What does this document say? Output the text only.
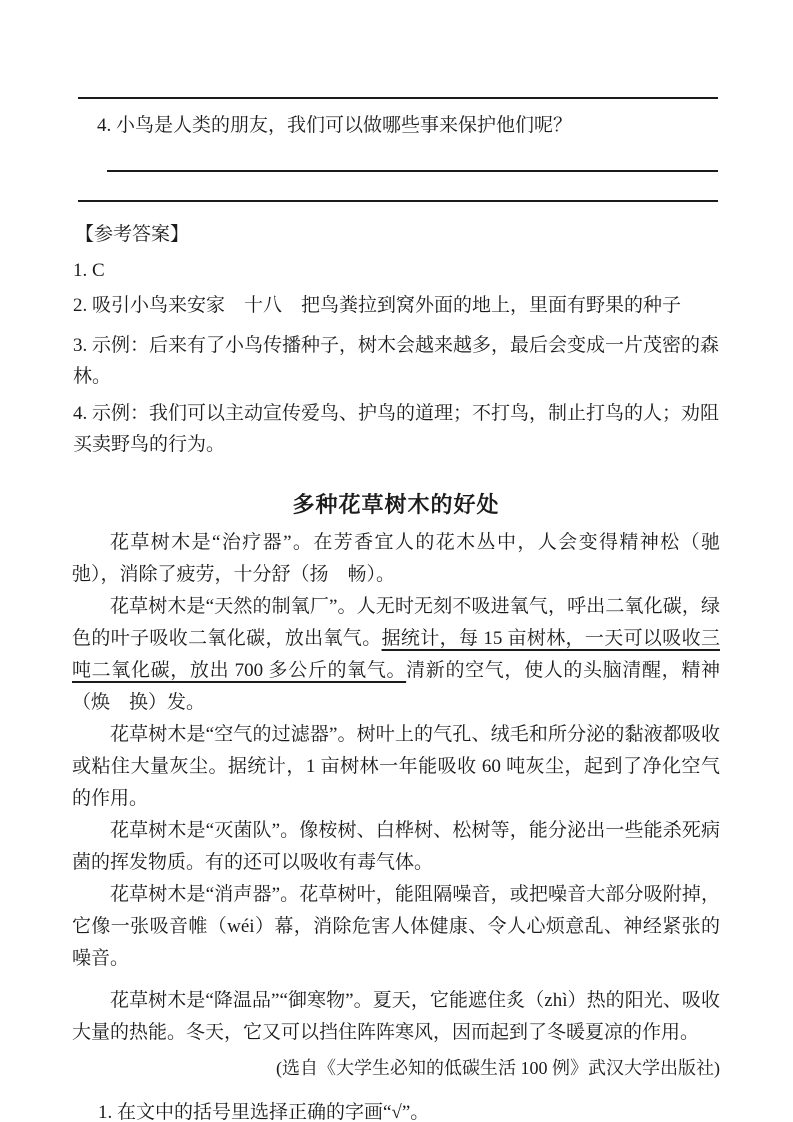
4. 小鸟是人类的朋友，我们可以做哪些事来保护他们呢？
【参考答案】

1. C

2. 吸引小鸟来安家　十八　把鸟粪拉到窝外面的地上，里面有野果的种子

3. 示例：后来有了小鸟传播种子，树木会越来越多，最后会变成一片茂密的森林。

4. 示例：我们可以主动宣传爱鸟、护鸟的道理；不打鸟，制止打鸟的人；劝阻买卖野鸟的行为。

多种花草树木的好处

花草树木是“治疗器”。在芳香宜人的花木丛中，人会变得精神松（驰　弛），消除了疲劳，十分舒（扬　畅）。

花草树木是“天然的制氧厂”。人无时无刻不吸进氧气，呼出二氧化碳，绿色的叶子吸收二氧化碳，放出氧气。据统计，每 15 亩树林，一天可以吸收三吨二氧化碳，放出 700 多公斤的氧气。清新的空气，使人的头脑清醒，精神（焕　换）发。

花草树木是“空气的过滤器”。树叶上的气孔、绒毛和所分泌的黏液都吸收或粘住大量灰尘。据统计，1 亩树林一年能吸收 60 吨灰尘，起到了净化空气的作用。

花草树木是“灭菌队”。像桉树、白桦树、松树等，能分泌出一些能杀死病菌的挥发物质。有的还可以吸收有毒气体。

花草树木是“消声器”。花草树叶，能阻隔噪音，或把噪音大部分吸附掉，它像一张吸音帷（wéi）幕，消除危害人体健康、令人心烦意乱、神经紧张的噪音。

花草树木是“降温品”“御寒物”。夏天，它能遮住炙（zhì）热的阳光、吸收大量的热能。冬天，它又可以挡住阵阵寒风，因而起到了冬暖夏凉的作用。

(选自《大学生必知的低碳生活 100 例》武汉大学出版社)
1. 在文中的括号里选择正确的字画“√”。
